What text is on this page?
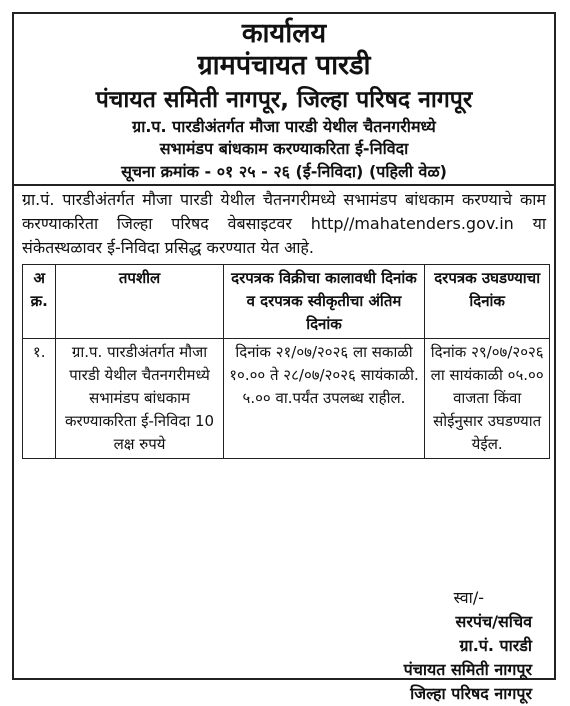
कार्यालय
ग्रामपंचायत पारडी
पंचायत समिती नागपूर, जिल्हा परिषद नागपूर
ग्रा.प. पारडीअंतर्गत मौजा पारडी येथील चैतनगरीमध्ये
सभामंडप बांधकाम करण्याकरिता ई-निविदा
सूचना क्रमांक - ०१ २५ - २६ (ई-निविदा) (पहिली वेळ)
ग्रा.पं. पारडीअंतर्गत मौजा पारडी येथील चैतनगरीमध्ये सभामंडप बांधकाम करण्याचे काम करण्याकरिता जिल्हा परिषद वेबसाइटवर http//mahatenders.gov.in या संकेतस्थळावर ई-निविदा प्रसिद्ध करण्यात येत आहे.
अ क्र.	तपशील	दरपत्रक विक्रीचा कालावधी दिनांक व दरपत्रक स्वीकृतीचा अंतिम दिनांक	दरपत्रक उघडण्याचा दिनांक
१.	ग्रा.प. पारडीअंतर्गत मौजा पारडी येथील चैतनगरीमध्ये सभामंडप बांधकाम करण्याकरिता ई-निविदा 10 लक्ष रुपये	दिनांक २१/०७/२०२६ ला सकाळी १०.०० ते २८/०७/२०२६ सायंकाळी. ५.०० वा.पर्यंत उपलब्ध राहील.	दिनांक २९/०७/२०२६ ला सायंकाळी ०५.०० वाजता किंवा सोईनुसार उघडण्यात येईल.
स्वा/-
सरपंच/सचिव
ग्रा.पं. पारडी
पंचायत समिती नागपूर
जिल्हा परिषद नागपूर
